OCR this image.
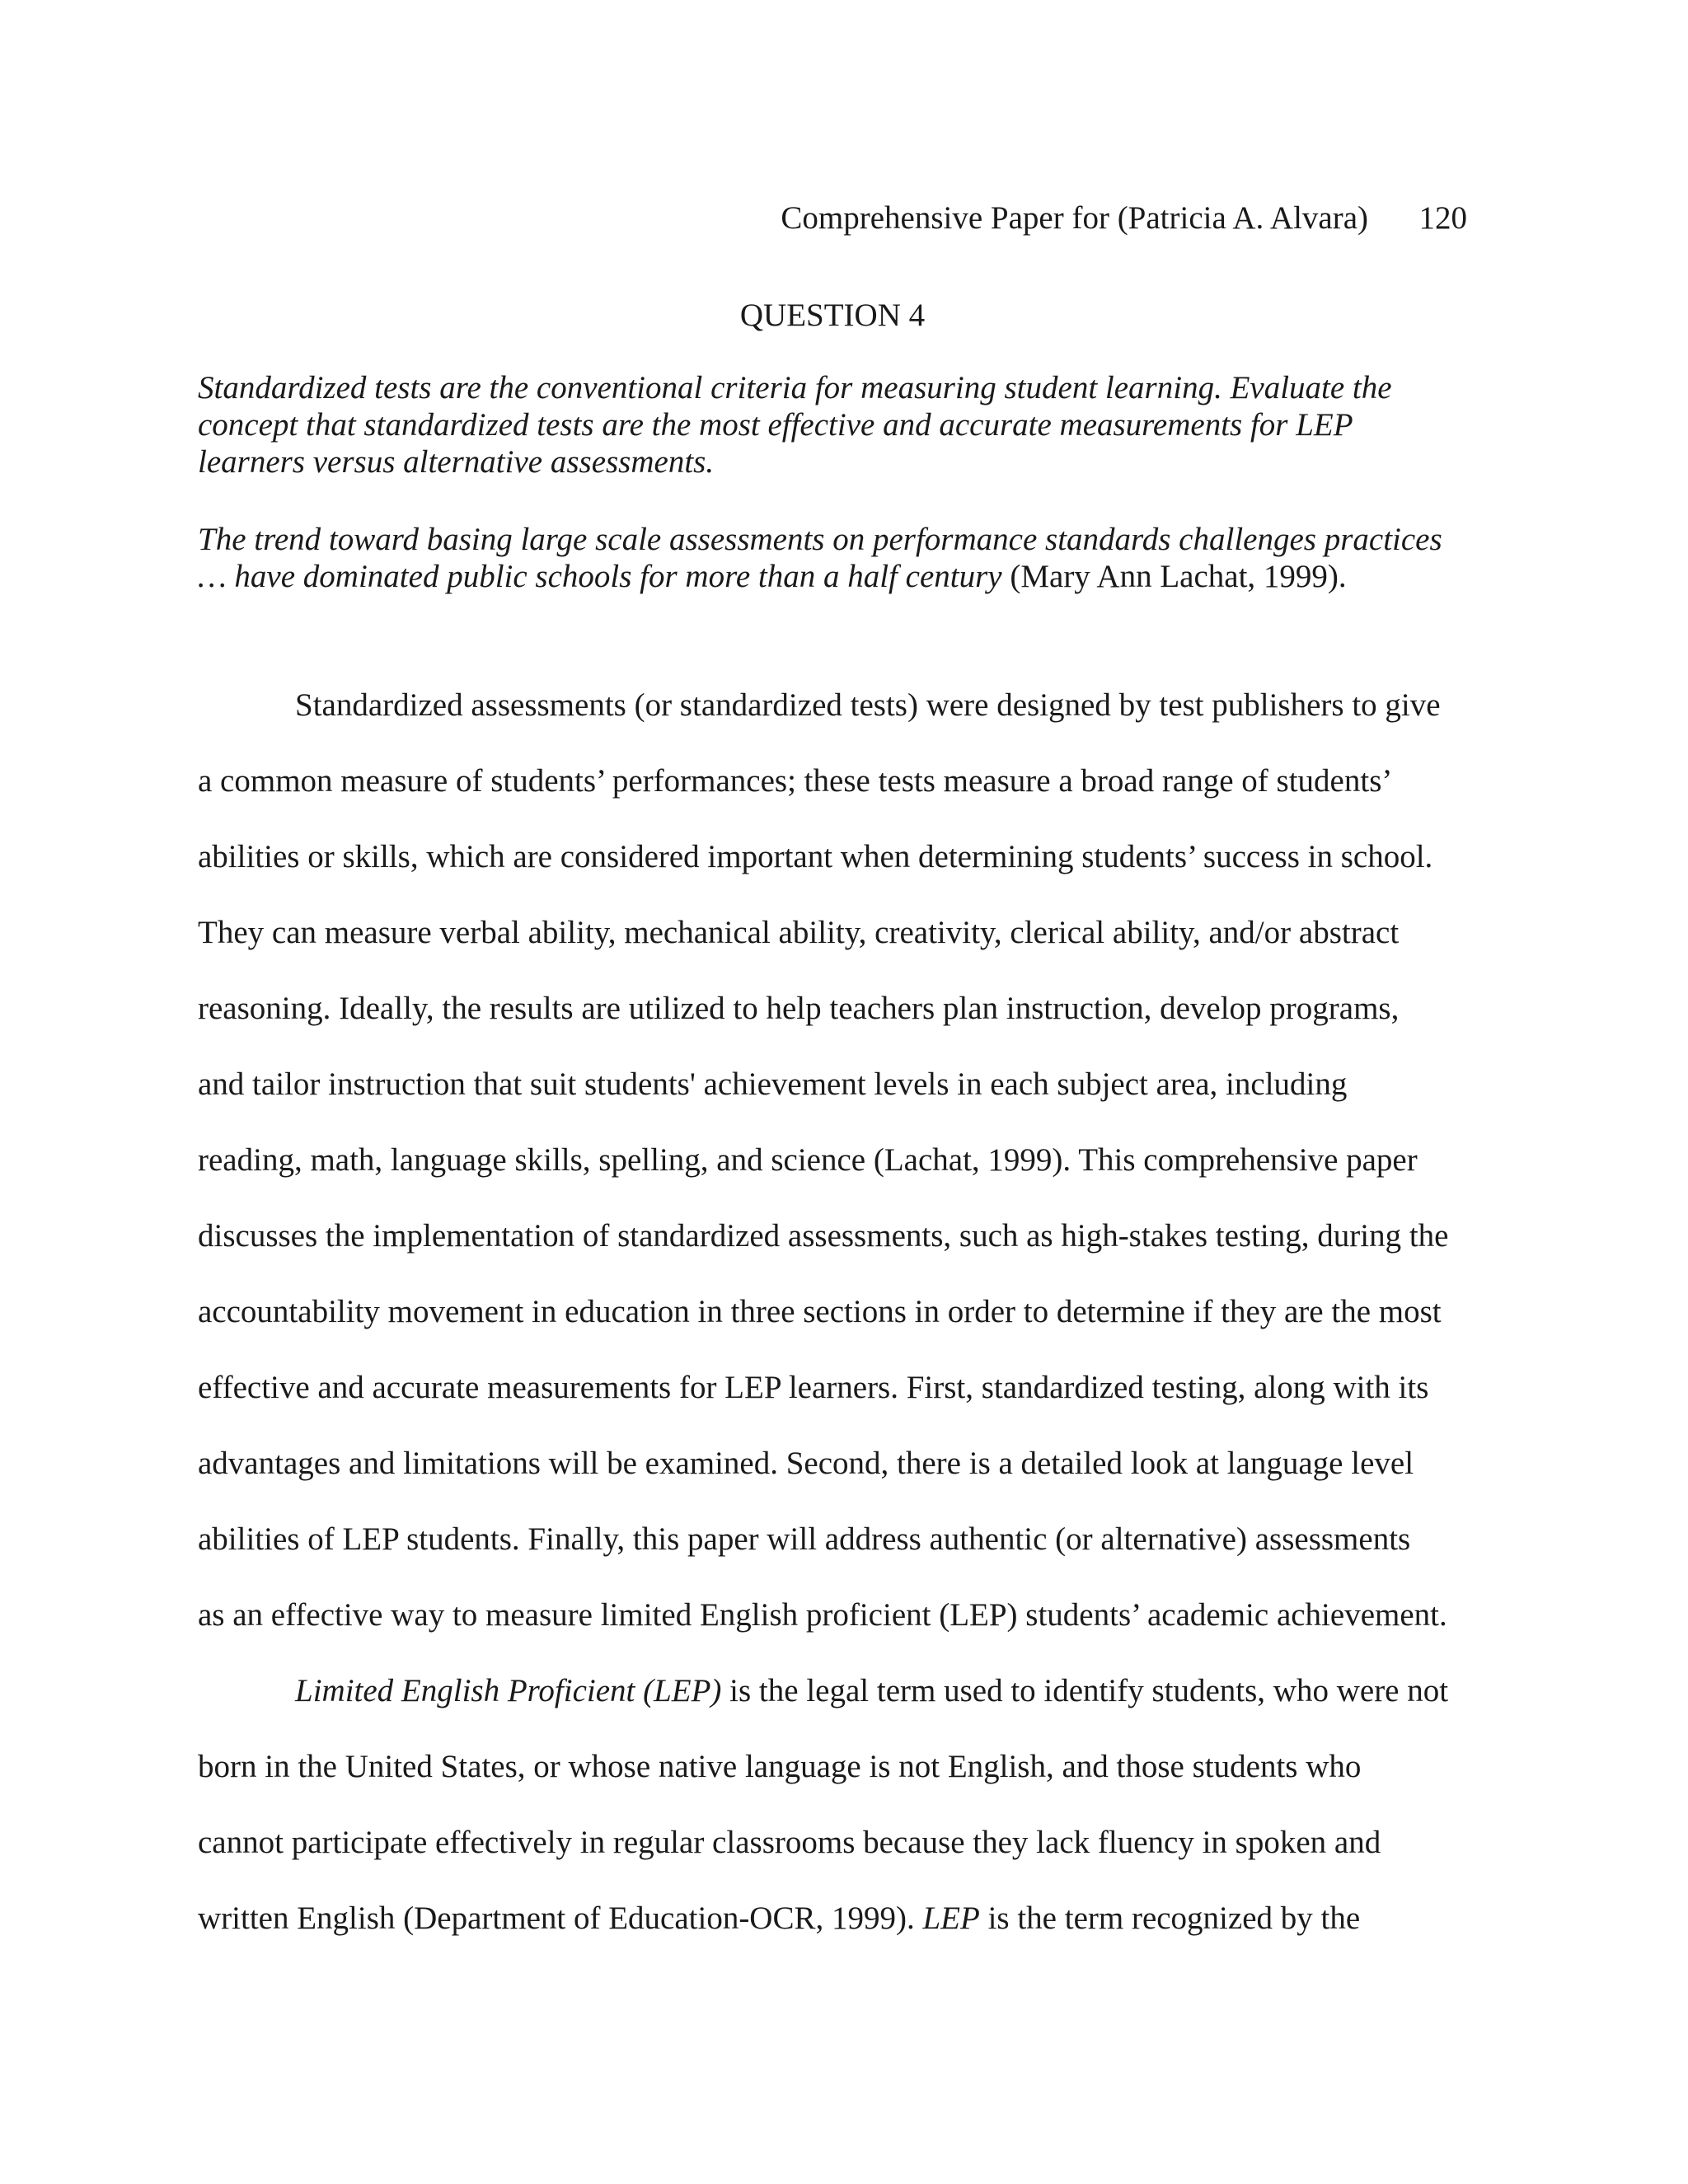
Comprehensive Paper for (Patricia A. Alvara) 120
QUESTION 4
Standardized tests are the conventional criteria for measuring student learning. Evaluate the
concept that standardized tests are the most effective and accurate measurements for LEP
learners versus alternative assessments.
The trend toward basing large scale assessments on performance standards challenges practices
… have dominated public schools for more than a half century (Mary Ann Lachat, 1999).
Standardized assessments (or standardized tests) were designed by test publishers to give
a common measure of students’ performances; these tests measure a broad range of students’
abilities or skills, which are considered important when determining students’ success in school.
They can measure verbal ability, mechanical ability, creativity, clerical ability, and/or abstract
reasoning. Ideally, the results are utilized to help teachers plan instruction, develop programs,
and tailor instruction that suit students' achievement levels in each subject area, including
reading, math, language skills, spelling, and science (Lachat, 1999). This comprehensive paper
discusses the implementation of standardized assessments, such as high-stakes testing, during the
accountability movement in education in three sections in order to determine if they are the most
effective and accurate measurements for LEP learners. First, standardized testing, along with its
advantages and limitations will be examined. Second, there is a detailed look at language level
abilities of LEP students. Finally, this paper will address authentic (or alternative) assessments
as an effective way to measure limited English proficient (LEP) students’ academic achievement.
Limited English Proficient (LEP) is the legal term used to identify students, who were not
born in the United States, or whose native language is not English, and those students who
cannot participate effectively in regular classrooms because they lack fluency in spoken and
written English (Department of Education-OCR, 1999). LEP is the term recognized by the
